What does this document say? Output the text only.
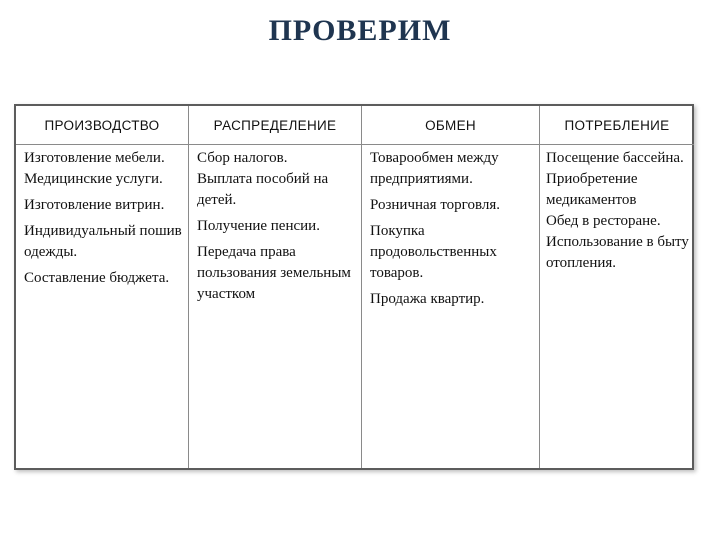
ПРОВЕРИМ
ПРОИЗВОДСТВО
Изготовление мебели.
Медицинские услуги.
Изготовление витрин.
Индивидуальный пошив одежды.
Составление бюджета.
РАСПРЕДЕЛЕНИЕ
Сбор налогов.
Выплата пособий на детей.
Получение пенсии.
Передача права пользования земельным участком
ОБМЕН
Товарообмен между предприятиями.
Розничная торговля.
Покупка продовольственных товаров.
Продажа квартир.
ПОТРЕБЛЕНИЕ
Посещение бассейна.
Приобретение медикаментов
Обед в ресторане.
Использование в быту отопления.
